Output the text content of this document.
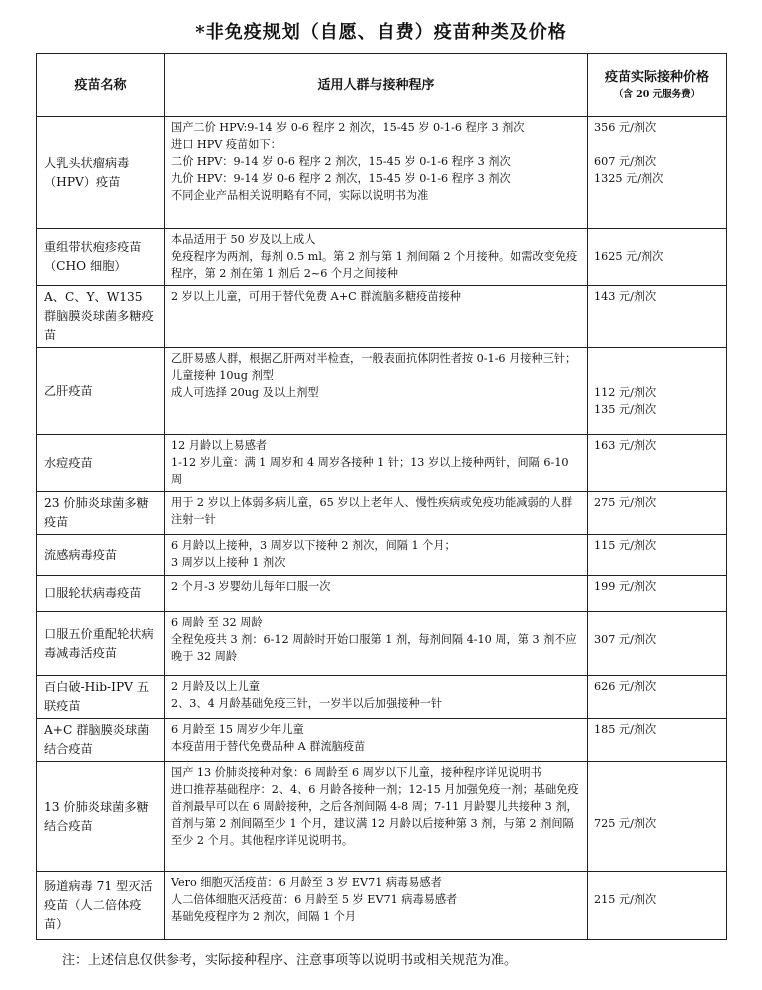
*非免疫规划（自愿、自费）疫苗种类及价格
疫苗名称	适用人群与接种程序	疫苗实际接种价格
（含 20 元服务费）

人乳头状瘤病毒（HPV）疫苗	国产二价 HPV:9-14 岁 0-6 程序 2 剂次，15-45 岁 0-1-6 程序 3 剂次
进口 HPV 疫苗如下：
二价 HPV：9-14 岁 0-6 程序 2 剂次，15-45 岁 0-1-6 程序 3 剂次
九价 HPV：9-14 岁 0-6 程序 2 剂次，15-45 岁 0-1-6 程序 3 剂次
不同企业产品相关说明略有不同，实际以说明书为准	356 元/剂次
607 元/剂次
1325 元/剂次

重组带状疱疹疫苗（CHO 细胞）	本品适用于 50 岁及以上成人
免疫程序为两剂，每剂 0.5 ml。第 2 剂与第 1 剂间隔 2 个月接种。如需改变免疫程序，第 2 剂在第 1 剂后 2~6 个月之间接种	1625 元/剂次

A、C、Y、W135 群脑膜炎球菌多糖疫苗	2 岁以上儿童，可用于替代免费 A+C 群流脑多糖疫苗接种	143 元/剂次

乙肝疫苗	乙肝易感人群，根据乙肝两对半检查，一般表面抗体阴性者按 0-1-6 月接种三针；
儿童接种 10ug 剂型
成人可选择 20ug 及以上剂型	112 元/剂次
135 元/剂次

水痘疫苗	12 月龄以上易感者
1-12 岁儿童：满 1 周岁和 4 周岁各接种 1 针；13 岁以上接种两针，间隔 6-10 周	163 元/剂次

23 价肺炎球菌多糖疫苗	用于 2 岁以上体弱多病儿童，65 岁以上老年人、慢性疾病或免疫功能减弱的人群注射一针	275 元/剂次

流感病毒疫苗	6 月龄以上接种，3 周岁以下接种 2 剂次，间隔 1 个月；
3 周岁以上接种 1 剂次	115 元/剂次

口服轮状病毒疫苗	2 个月-3 岁婴幼儿每年口服一次	199 元/剂次

口服五价重配轮状病毒减毒活疫苗	6 周龄 至 32 周龄
全程免疫共 3 剂：6-12 周龄时开始口服第 1 剂，每剂间隔 4-10 周，第 3 剂不应晚于 32 周龄	307 元/剂次

百白破-Hib-IPV 五联疫苗	2 月龄及以上儿童
2、3、4 月龄基础免疫三针，一岁半以后加强接种一针	626 元/剂次

A+C 群脑膜炎球菌结合疫苗	6 月龄至 15 周岁少年儿童
本疫苗用于替代免费品种 A 群流脑疫苗	185 元/剂次

13 价肺炎球菌多糖结合疫苗	国产 13 价肺炎接种对象：6 周龄至 6 周岁以下儿童，接种程序详见说明书
进口推荐基础程序：2、4、6 月龄各接种一剂；12-15 月加强免疫一剂；基础免疫首剂最早可以在 6 周龄接种，之后各剂间隔 4-8 周；7-11 月龄婴儿共接种 3 剂，首剂与第 2 剂间隔至少 1 个月，建议满 12 月龄以后接种第 3 剂，与第 2 剂间隔至少 2 个月。其他程序详见说明书。	725 元/剂次

肠道病毒 71 型灭活疫苗（人二倍体疫苗）	Vero 细胞灭活疫苗：6 月龄至 3 岁 EV71 病毒易感者
人二倍体细胞灭活疫苗：6 月龄至 5 岁 EV71 病毒易感者
基础免疫程序为 2 剂次，间隔 1 个月	215 元/剂次
注：上述信息仅供参考，实际接种程序、注意事项等以说明书或相关规范为准。
